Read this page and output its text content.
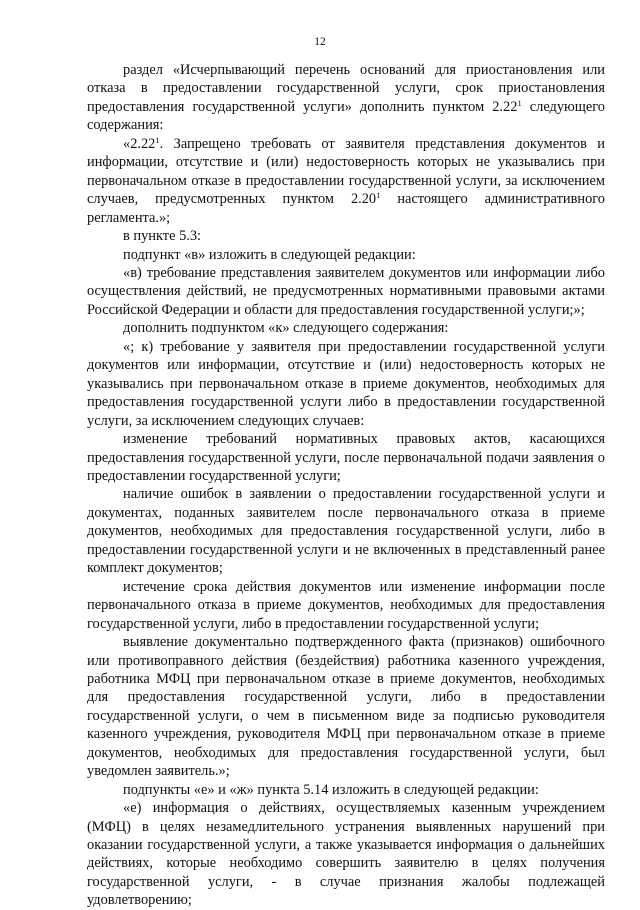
12

раздел «Исчерпывающий перечень оснований для приостановления или отказа в предоставлении государственной услуги, срок приостановления предоставления государственной услуги» дополнить пунктом 2.22$^1$ следующего содержания:

«2.22$^1$. Запрещено требовать от заявителя представления документов и информации, отсутствие и (или) недостоверность которых не указывались при первоначальном отказе в предоставлении государственной услуги, за исключением случаев, предусмотренных пунктом 2.20$^1$ настоящего административного регламента.»;

в пункте 5.3:

подпункт «в» изложить в следующей редакции:

«в) требование представления заявителем документов или информации либо осуществления действий, не предусмотренных нормативными правовыми актами Российской Федерации и области для предоставления государственной услуги;»;

дополнить подпунктом «к» следующего содержания:

«; к) требование у заявителя при предоставлении государственной услуги документов или информации, отсутствие и (или) недостоверность которых не указывались при первоначальном отказе в приеме документов, необходимых для предоставления государственной услуги либо в предоставлении государственной услуги, за исключением следующих случаев:

изменение требований нормативных правовых актов, касающихся предоставления государственной услуги, после первоначальной подачи заявления о предоставлении государственной услуги;

наличие ошибок в заявлении о предоставлении государственной услуги и документах, поданных заявителем после первоначального отказа в приеме документов, необходимых для предоставления государственной услуги, либо в предоставлении государственной услуги и не включенных в представленный ранее комплект документов;

истечение срока действия документов или изменение информации после первоначального отказа в приеме документов, необходимых для предоставления государственной услуги, либо в предоставлении государственной услуги;

выявление документально подтвержденного факта (признаков) ошибочного или противоправного действия (бездействия) работника казенного учреждения, работника МФЦ при первоначальном отказе в приеме документов, необходимых для предоставления государственной услуги, либо в предоставлении государственной услуги, о чем в письменном виде за подписью руководителя казенного учреждения, руководителя МФЦ при первоначальном отказе в приеме документов, необходимых для предоставления государственной услуги, был уведомлен заявитель.»;

подпункты «е» и «ж» пункта 5.14 изложить в следующей редакции:

«е) информация о действиях, осуществляемых казенным учреждением (МФЦ) в целях незамедлительного устранения выявленных нарушений при оказании государственной услуги, а также указывается информация о дальнейших действиях, которые необходимо совершить заявителю в целях получения государственной услуги, - в случае признания жалобы подлежащей удовлетворению;
